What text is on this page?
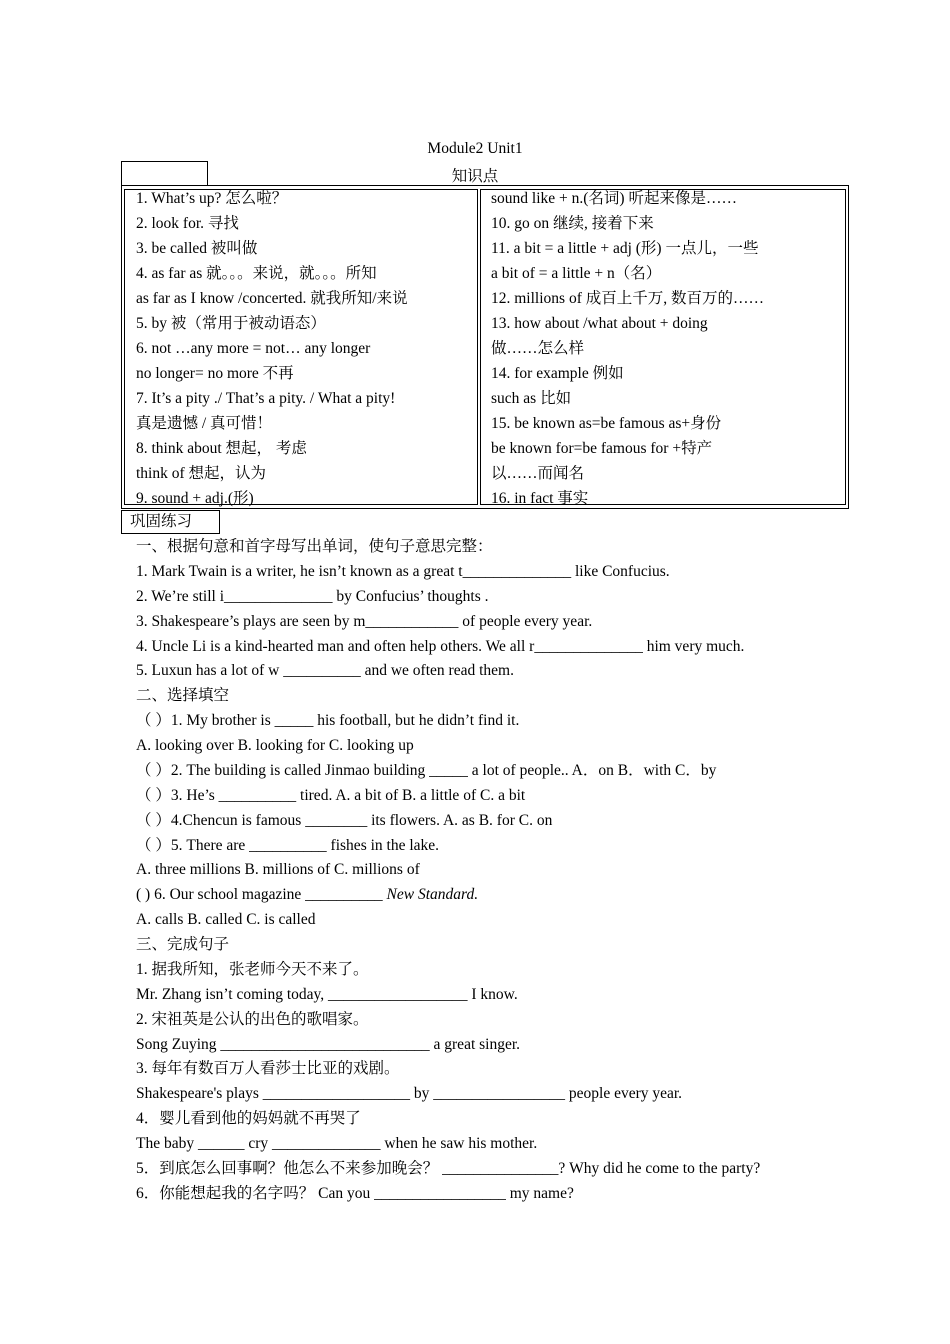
Module2 Unit1
知识点
1. What’s up? 怎么啦？
2. look for. 寻找
3. be called 被叫做
4. as far as 就。。。来说，就。。。所知
as far as I know /concerted. 就我所知/来说
5. by 被（常用于被动语态）
6. not …any more = not… any longer
no longer= no more 不再
7. It’s a pity ./ That’s a pity. / What a pity!
真是遗憾 / 真可惜！
8. think about 想起， 考虑
think of 想起，认为
9. sound + adj.(形)
sound like + n.(名词) 听起来像是……
10. go on 继续, 接着下来
11. a bit = a little + adj (形) 一点儿，一些
a bit of = a little + n（名）
12. millions of 成百上千万, 数百万的……
13. how about /what about + doing
做……怎么样
14. for example 例如
such as 比如
15. be known as=be famous as+身份
be known for=be famous for +特产
以……而闻名
16. in fact 事实
巩固练习
一、根据句意和首字母写出单词，使句子意思完整：
1. Mark Twain is a writer, he isn’t known as a great t______________ like Confucius.
2. We’re still i______________ by Confucius’ thoughts .
3. Shakespeare’s plays are seen by m____________ of people every year.
4. Uncle Li is a kind-hearted man and often help others. We all r______________ him very much.
5. Luxun has a lot of w __________ and we often read them.
二、选择填空
（ ）1. My brother is _____ his football, but he didn’t find it.
A. looking over B. looking for C. looking up
（ ）2. The building is called Jinmao building _____ a lot of people.. A．on B．with C．by
（ ）3. He’s __________ tired. A. a bit of B. a little of C. a bit
（ ）4.Chencun is famous ________ its flowers. A. as B. for C. on
（ ）5. There are __________ fishes in the lake.
A. three millions B. millions of C. millions of
( ) 6. Our school magazine __________ New Standard.
A. calls B. called C. is called
三、完成句子
1. 据我所知，张老师今天不来了。
Mr. Zhang isn’t coming today, __________________ I know.
2. 宋祖英是公认的出色的歌唱家。
Song Zuying ___________________________ a great singer.
3. 每年有数百万人看莎士比亚的戏剧。
Shakespeare's plays ___________________ by _________________ people every year.
4．婴儿看到他的妈妈就不再哭了
The baby ______ cry ______________ when he saw his mother.
5．到底怎么回事啊？他怎么不来参加晚会？ _______________? Why did he come to the party?
6．你能想起我的名字吗？ Can you _________________ my name?
